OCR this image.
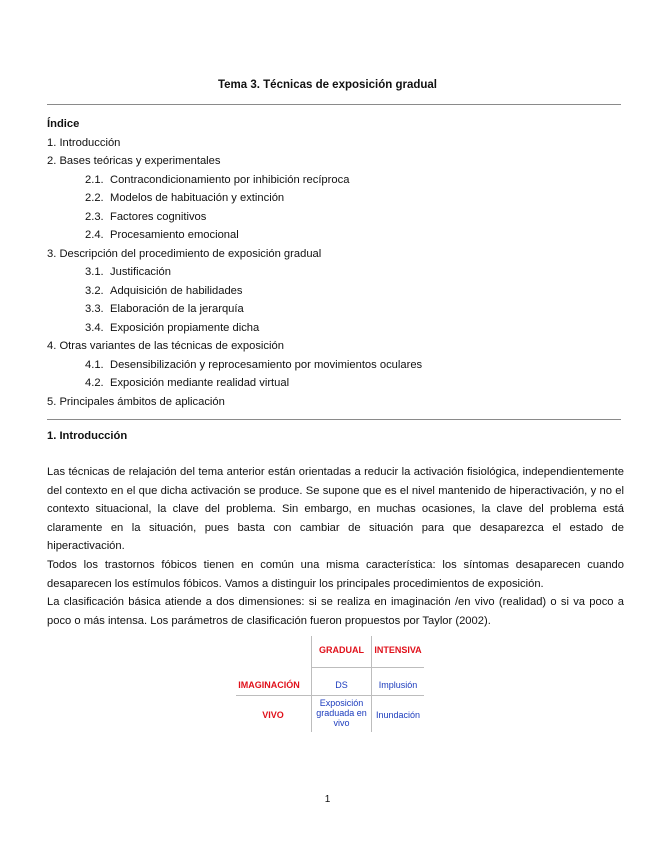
Tema 3. Técnicas de exposición gradual
Índice
1. Introducción
2. Bases teóricas y experimentales
2.1. Contracondicionamiento por inhibición recíproca
2.2. Modelos de habituación y extinción
2.3. Factores cognitivos
2.4. Procesamiento emocional
3. Descripción del procedimiento de exposición gradual
3.1. Justificación
3.2. Adquisición de habilidades
3.3. Elaboración de la jerarquía
3.4. Exposición propiamente dicha
4. Otras variantes de las técnicas de exposición
4.1. Desensibilización y reprocesamiento por movimientos oculares
4.2. Exposición mediante realidad virtual
5. Principales ámbitos de aplicación
1. Introducción

Las técnicas de relajación del tema anterior están orientadas a reducir la activación fisiológica, independientemente del contexto en el que dicha activación se produce. Se supone que es el nivel mantenido de hiperactivación, y no el contexto situacional, la clave del problema. Sin embargo, en muchas ocasiones, la clave del problema está claramente en la situación, pues basta con cambiar de situación para que desaparezca el estado de hiperactivación.

Todos los trastornos fóbicos tienen en común una misma característica: los síntomas desaparecen cuando desaparecen los estímulos fóbicos. Vamos a distinguir los principales procedimientos de exposición.

La clasificación básica atiende a dos dimensiones: si se realiza en imaginación /en vivo (realidad) o si va poco a poco o más intensa. Los parámetros de clasificación fueron propuestos por Taylor (2002).

GRADUAL	INTENSIVA
IMAGINACIÓN
VIVO
DS	Implusión
Exposición graduada en vivo
Inundación
1
